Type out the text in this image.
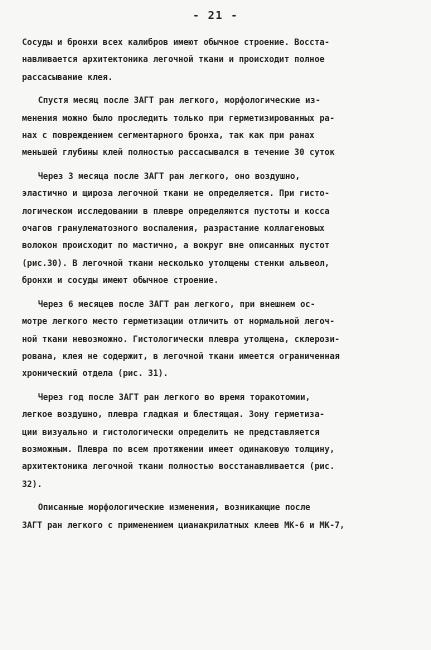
- 21 -
Сосуды и бронхи всех калибров имеют обычное строение. Восста-
навливается архитектоника легочной ткани и происходит полное
рассасывание клея.
Спустя месяц после ЗАГТ ран легкого, морфологические из-
менения можно было проследить только при герметизированных ра-
нах с повреждением сегментарного бронха, так как при ранах
меньшей глубины клей полностью рассасывался в течение 30 суток
Через 3 месяца после ЗАГТ ран легкого, оно воздушно,
эластично и щироза легочной ткани не определяется. При гисто-
логическом исследовании в плевре определяются пустоты и косса
очагов гранулематозного воспаления, разрастание коллагеновых
волокон происходит по мастично, а вокруг вне описанных пустот
(рис.30). В легочной ткани несколько утолщены стенки альвеол,
бронхи и сосуды имеют обычное строение.
Через 6 месяцев после ЗАГТ ран легкого, при внешнем ос-
мотре легкого место герметизации отличить от нормальной легоч-
ной ткани невозможно. Гистологически плевра утолщена, склерози-
рована, клея не содержит, в легочной ткани имеется ограниченная
хронический отдела (рис. 31).
Через год после ЗАГТ ран легкого во время торакотомии,
легкое воздушно, плевра гладкая и блестящая. Зону герметиза-
ции визуально и гистологически определить не представляется
возможным. Плевра по всем протяжении имеет одинаковую толщину,
архитектоника легочной ткани полностью восстанавливается (рис.
32).
Описанные морфологические изменения, возникающие после
ЗАГТ ран легкого с применением цианакрилатных клеев МК-6 и МК-7,
